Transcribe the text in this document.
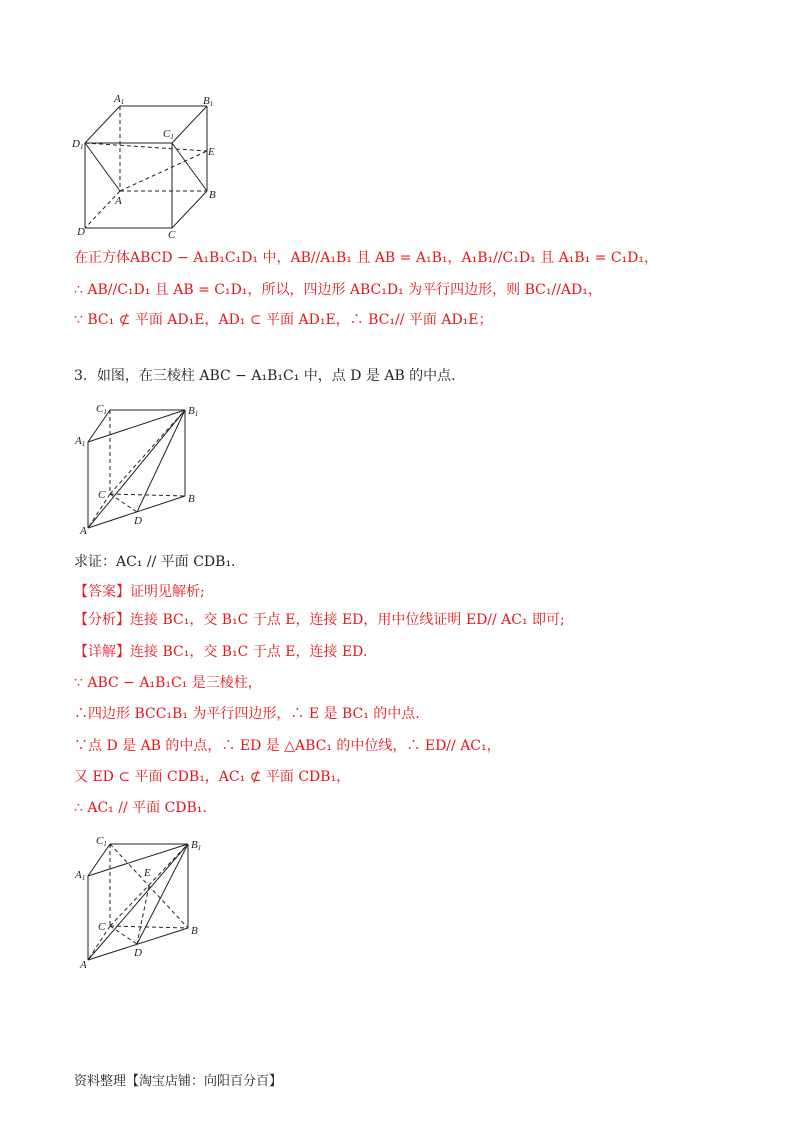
A1	B1
C1
D1	E
A	B
C
D
在正方体ABCD − A₁B₁C₁D₁ 中，AB//A₁B₁ 且 AB = A₁B₁，A₁B₁//C₁D₁ 且 A₁B₁ = C₁D₁，
∴ AB//C₁D₁ 且 AB = C₁D₁，所以，四边形 ABC₁D₁ 为平行四边形，则 BC₁//AD₁，
∵ BC₁ ⊄ 平面 AD₁E，AD₁ ⊂ 平面 AD₁E，∴ BC₁// 平面 AD₁E；
3．如图，在三棱柱 ABC − A₁B₁C₁ 中，点 D 是 AB 的中点.
C1	B1
A1
C	B
D
A
求证：AC₁ // 平面 CDB₁.
【答案】证明见解析;
【分析】连接 BC₁，交 B₁C 于点 E，连接 ED，用中位线证明 ED// AC₁ 即可;
【详解】连接 BC₁，交 B₁C 于点 E，连接 ED.
∵ ABC − A₁B₁C₁ 是三棱柱，
∴四边形 BCC₁B₁ 为平行四边形，∴ E 是 BC₁ 的中点.
∵点 D 是 AB 的中点，∴ ED 是 △ABC₁ 的中位线，∴ ED// AC₁，
又 ED ⊂ 平面 CDB₁，AC₁ ⊄ 平面 CDB₁，
∴ AC₁ // 平面 CDB₁.
C1	B1
A1	E
C	B
D
A
资料整理【淘宝店铺：向阳百分百】
